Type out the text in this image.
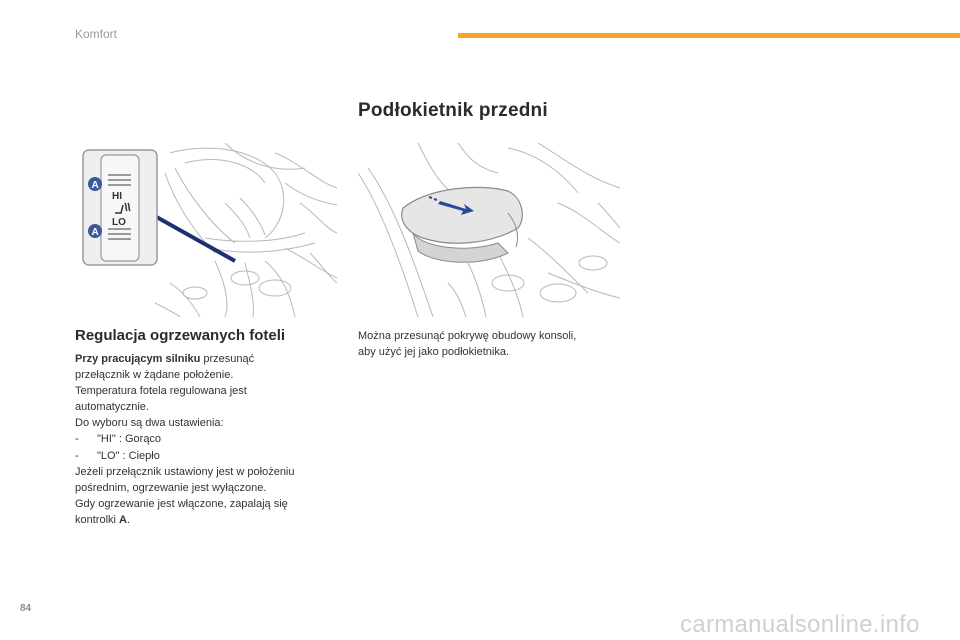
Komfort
Podłokietnik przedni
HI
LO
A
A
Regulacja ogrzewanych foteli

Przy pracującym silniku przesunąć

przełącznik w żądane położenie.

Temperatura fotela regulowana jest

automatycznie.

Do wyboru są dwa ustawienia:

- "HI" : Gorąco

- "LO" : Ciepło

Jeżeli przełącznik ustawiony jest w położeniu

pośrednim, ogrzewanie jest wyłączone.

Gdy ogrzewanie jest włączone, zapalają się

kontrolki A.

Można przesunąć pokrywę obudowy konsoli,

aby użyć jej jako podłokietnika.

84
carmanualsonline.info
